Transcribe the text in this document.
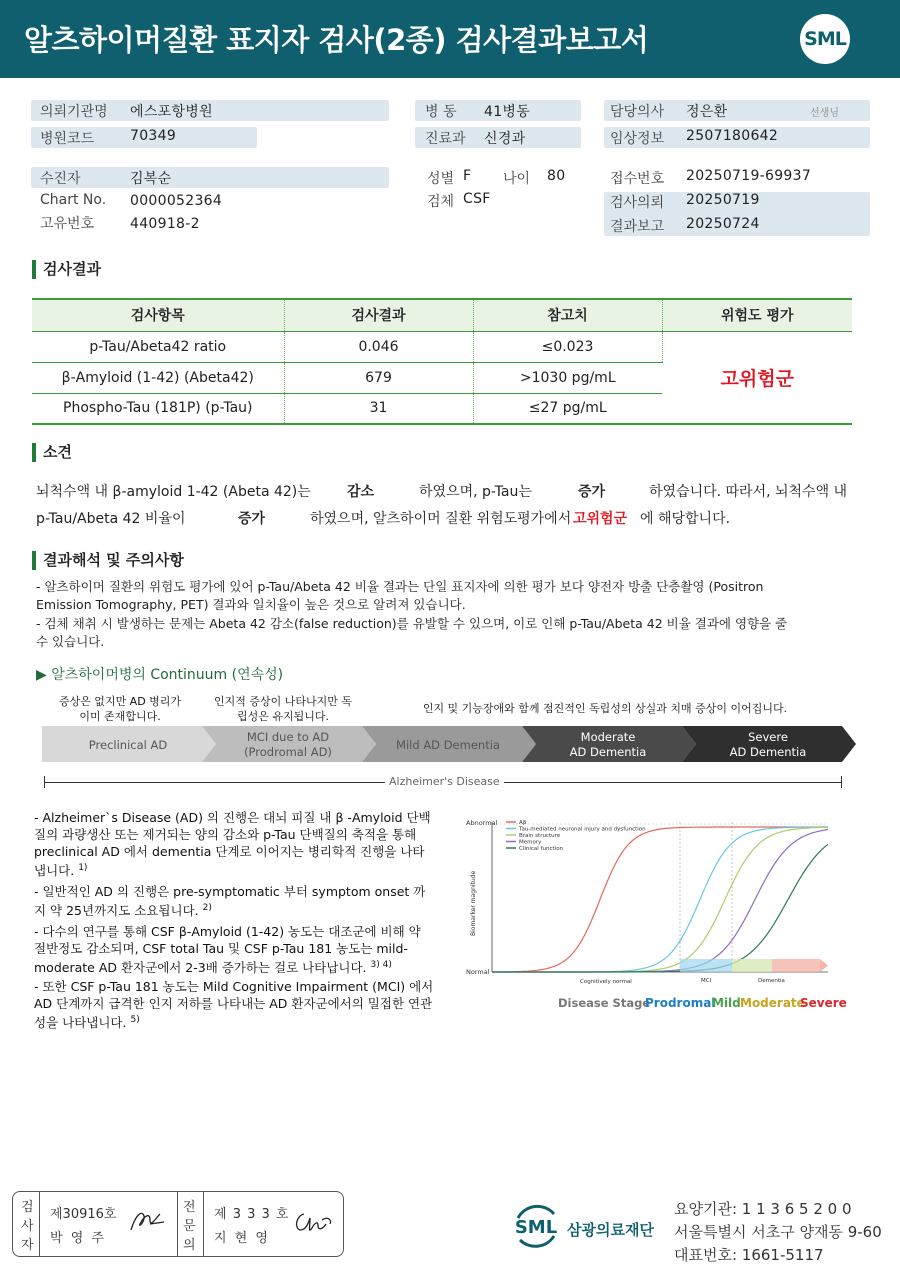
알츠하이머질환 표지자 검사(2종) 검사결과보고서	SML
의뢰기관명 에스포항병원
병원코드	70349
병 동 41병동
진료과 신경과
담당의사 정은환	선생님
임상정보 2507180642
수진자	김복순
Chart No. 0000052364
고유번호	440918-2
성별 F 나이 80
검체 CSF
접수번호 20250719-69937
검사의뢰 20250719
결과보고 20250724
검사결과
검사항목	검사결과	참고치	위험도 평가
p-Tau/Abeta42 ratio	0.046	≤0.023	고위험군
β-Amyloid (1-42) (Abeta42)	679	>1030 pg/mL	
Phospho-Tau (181P) (p-Tau)	31	≤27 pg/mL	
소견
뇌척수액 내 β-amyloid 1-42 (Abeta 42)는	감소	하였으며, p-Tau는	증가	하였습니다. 따라서, 뇌척수액 내
p-Tau/Abeta 42 비율이	증가	하였으며, 알츠하이머 질환 위험도평가에서 고위험군 에 해당합니다.
결과해석 및 주의사항
- 알츠하이머 질환의 위험도 평가에 있어 p-Tau/Abeta 42 비율 결과는 단일 표지자에 의한 평가 보다 양전자 방출 단층촬영 (Positron Emission Tomography, PET) 결과와 일치율이 높은 것으로 알려져 있습니다.
- 검체 채취 시 발생하는 문제는 Abeta 42 감소(false reduction)를 유발할 수 있으며, 이로 인해 p-Tau/Abeta 42 비율 결과에 영향을 줄 수 있습니다.
▶ 알츠하이머병의 Continuum (연속성)
증상은 없지만 AD 병리가 이미 존재합니다.
인지적 증상이 나타나지만 독립성은 유지됩니다.
인지 및 기능장애와 함께 점진적인 독립성의 상실과 치매 증상이 이어집니다.
Preclinical AD
MCI due to AD
(Prodromal AD)	Mild AD Dementia
Moderate
AD Dementia
Severe
AD Dementia
Alzheimer's Disease
- Alzheimer`s Disease (AD) 의 진행은 대뇌 피질 내 β -Amyloid 단백질의 과량생산 또는 제거되는 양의 감소와 p-Tau 단백질의 축적을 통해 preclinical AD 에서 dementia 단계로 이어지는 병리학적 진행을 나타냅니다. $^{1)}$
- 일반적인 AD 의 진행은 pre-symptomatic 부터 symptom onset 까지 약 25년까지도 소요됩니다. $^{2)}$
- 다수의 연구를 통해 CSF β-Amyloid (1-42) 농도는 대조군에 비해 약 절반정도 감소되며, CSF total Tau 및 CSF p-Tau 181 농도는 mild-moderate AD 환자군에서 2-3배 증가하는 걸로 나타납니다. $^{3) 4)}$
- 또한 CSF p-Tau 181 농도는 Mild Cognitive Impairment (MCI) 에서 AD 단계까지 급격한 인지 저하를 나타내는 AD 환자군에서의 밀접한 연관성을 나타냅니다. $^{5)}$
Abnormal
Normal
Biomarker magnitude
Aβ
Tau-mediated neuronal injury and dysfunction
Brain structure
Memory
Clinical function
Cognitively normal	MCI	Dementia
Disease Stage
Prodromal
Mild Moderate
Severe
검
사
자
제30916호
박 영 주
전
문
의
제 3 3 3 호
지 현 영
SML 삼광의료재단
요양기관: 1 1 3 6 5 2 0 0
서울특별시 서초구 양재동 9-60
대표번호: 1661-5117
